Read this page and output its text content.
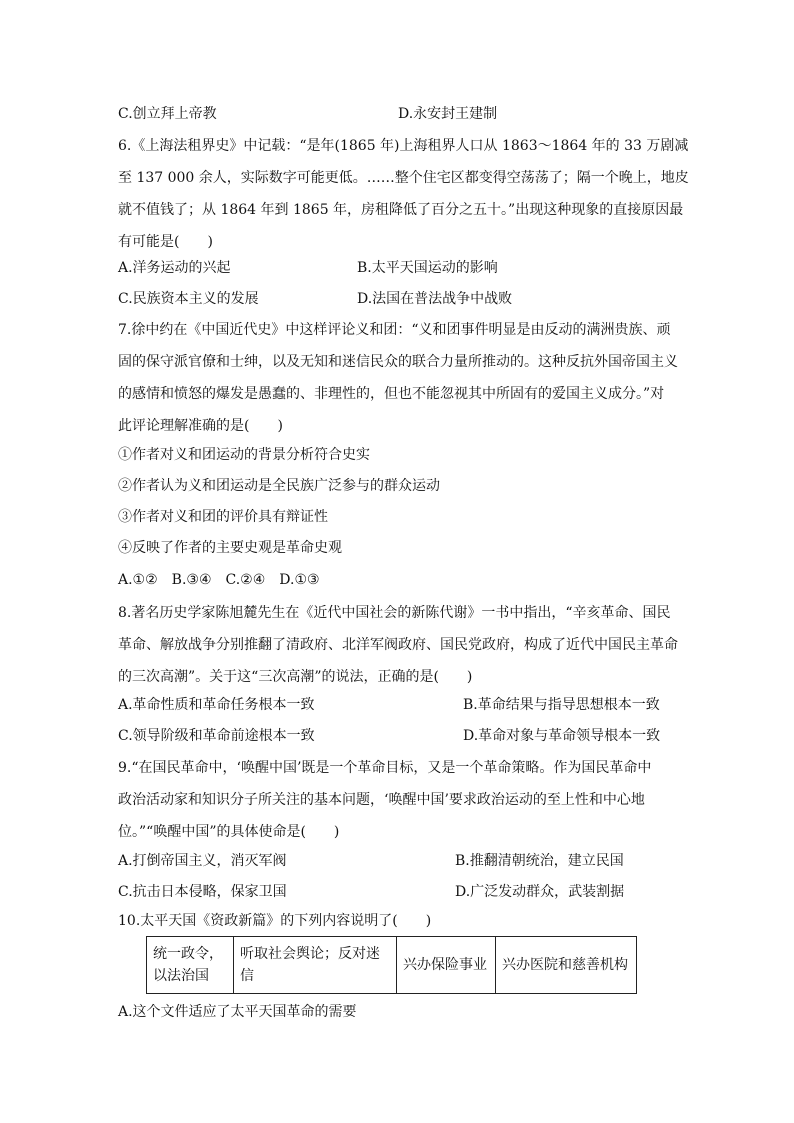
C.创立拜上帝教	D.永安封王建制
6.《上海法租界史》中记载：“是年(1865 年)上海租界人口从 1863～1864 年的 33 万剧减
至 137 000 余人，实际数字可能更低。……整个住宅区都变得空荡荡了；隔一个晚上，地皮
就不值钱了；从 1864 年到 1865 年，房租降低了百分之五十。”出现这种现象的直接原因最
有可能是(　　)
A.洋务运动的兴起	B.太平天国运动的影响
C.民族资本主义的发展	D.法国在普法战争中战败
7.徐中约在《中国近代史》中这样评论义和团：“义和团事件明显是由反动的满洲贵族、顽
固的保守派官僚和士绅，以及无知和迷信民众的联合力量所推动的。这种反抗外国帝国主义
的感情和愤怒的爆发是愚蠢的、非理性的，但也不能忽视其中所固有的爱国主义成分。”对
此评论理解准确的是(　　)
①作者对义和团运动的背景分析符合史实
②作者认为义和团运动是全民族广泛参与的群众运动
③作者对义和团的评价具有辩证性
④反映了作者的主要史观是革命史观
A.①②　B.③④　C.②④　D.①③
8.著名历史学家陈旭麓先生在《近代中国社会的新陈代谢》一书中指出，“辛亥革命、国民
革命、解放战争分别推翻了清政府、北洋军阀政府、国民党政府，构成了近代中国民主革命
的三次高潮”。关于这“三次高潮”的说法，正确的是(　　)
A.革命性质和革命任务根本一致	B.革命结果与指导思想根本一致
C.领导阶级和革命前途根本一致	D.革命对象与革命领导根本一致
9.“在国民革命中，‘唤醒中国’既是一个革命目标，又是一个革命策略。作为国民革命中
政治活动家和知识分子所关注的基本问题，‘唤醒中国’要求政治运动的至上性和中心地
位。”“唤醒中国”的具体使命是(　　)
A.打倒帝国主义，消灭军阀	B.推翻清朝统治，建立民国
C.抗击日本侵略，保家卫国	D.广泛发动群众，武装割据
10.太平天国《资政新篇》的下列内容说明了(　　)
统一政令，
以法治国
	听取社会舆论；反对迷信	兴办保险事业	兴办医院和慈善机构
A.这个文件适应了太平天国革命的需要
